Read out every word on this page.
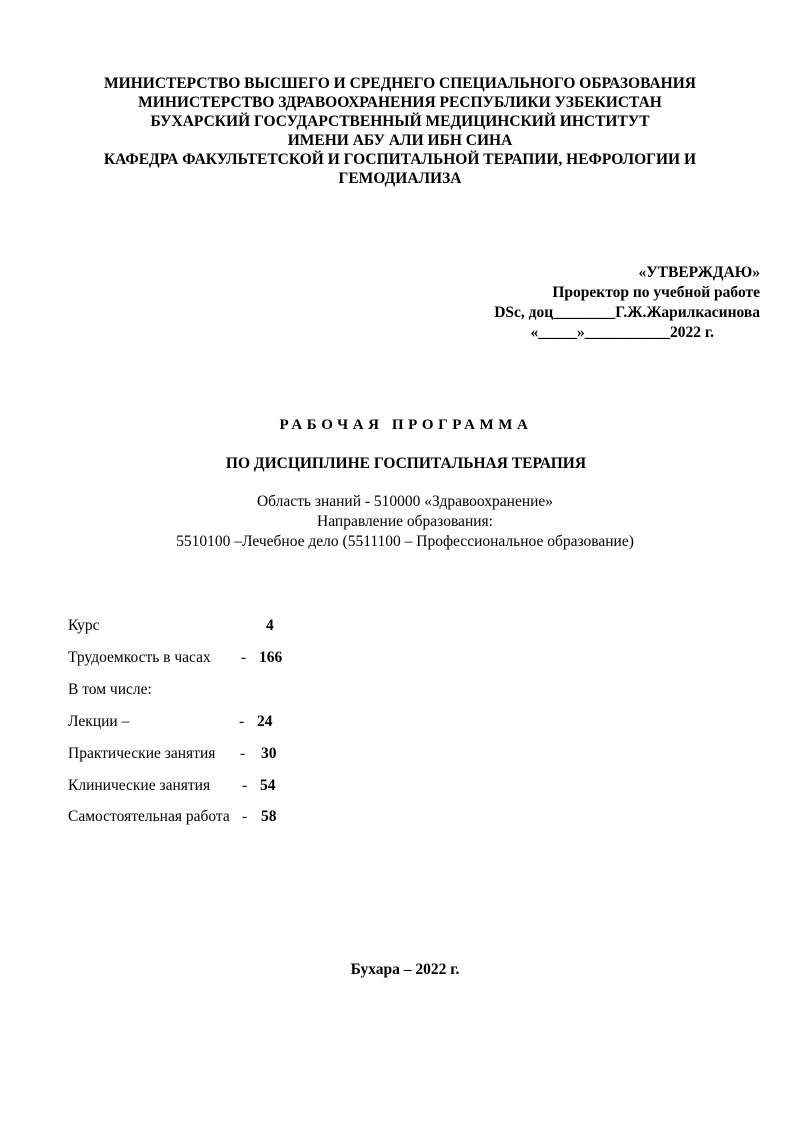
МИНИСТЕРСТВО ВЫСШЕГО И СРЕДНЕГО СПЕЦИАЛЬНОГО ОБРАЗОВАНИЯ
МИНИСТЕРСТВО ЗДРАВООХРАНЕНИЯ РЕСПУБЛИКИ УЗБЕКИСТАН
БУХАРСКИЙ ГОСУДАРСТВЕННЫЙ МЕДИЦИНСКИЙ ИНСТИТУТ
ИМЕНИ АБУ АЛИ ИБН СИНА
КАФЕДРА ФАКУЛЬТЕТСКОЙ И ГОСПИТАЛЬНОЙ ТЕРАПИИ, НЕФРОЛОГИИ И
ГЕМОДИАЛИЗА
«УТВЕРЖДАЮ»
Проректор по учебной работе
DSc, доц________Г.Ж.Жарилкасинова
«_____»___________2022 г.
РАБОЧАЯ ПРОГРАММА
ПО ДИСЦИПЛИНЕ ГОСПИТАЛЬНАЯ ТЕРАПИЯ
Область знаний - 510000 «Здравоохранение»
Направление образования:
5510100 –Лечебное дело (5511100 – Профессиональное образование)
Курс	4
Трудоемкость в часах - 166
В том числе:
Лекции –	- 24
Практические занятия - 30
Клинические занятия - 54
Самостоятельная работа - 58
Бухара – 2022 г.
